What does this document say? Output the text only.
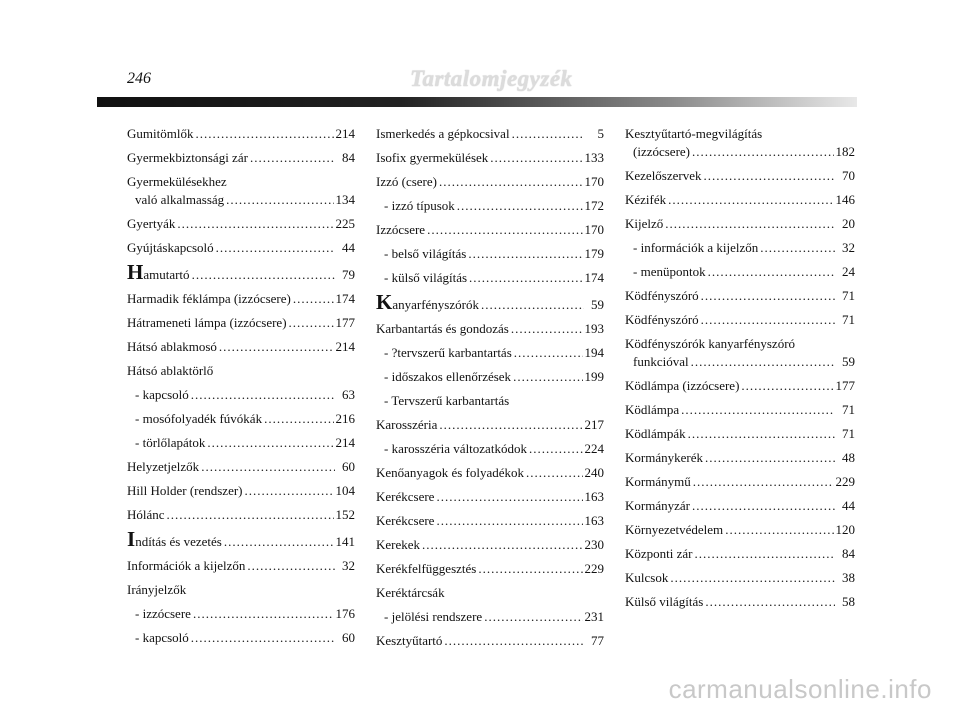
246	Tartalomjegyzék
Gumitömlők .....	214
Gyermekbiztonsági zár .....	84
Gyermekülésekhez
való alkalmasság .....	134
Gyertyák .....	225
Gyújtáskapcsoló .....	44
Hamutartó .....	79
Harmadik féklámpa (izzócsere) .....	174
Hátrameneti lámpa (izzócsere) .....	177
Hátsó ablakmosó .....	214
Hátsó ablaktörlő
- kapcsoló .....	63
- mosófolyadék fúvókák .....	216
- törlőlapátok .....	214
Helyzetjelzők .....	60
Hill Holder (rendszer) .....	104
Hólánc .....	152
Indítás és vezetés .....	141
Információk a kijelzőn .....	32
Irányjelzők
- izzócsere .....	176
- kapcsoló .....	60
Ismerkedés a gépkocsival .....	5
Isofix gyermekülések .....	133
Izzó (csere) .....	170
- izzó típusok .....	172
Izzócsere .....	170
- belső világítás .....	179
- külső világítás .....	174
Kanyarfényszórók .....	59
Karbantartás és gondozás .....	193
- ?tervszerű karbantartás .....	194
- időszakos ellenőrzések .....	199
- Tervszerű karbantartás
Karosszéria .....	217
- karosszéria változatkódok .....	224
Kenőanyagok és folyadékok .....	240
Kerékcsere .....	163
Kerékcsere .....	163
Kerekek .....	230
Kerékfelfüggesztés .....	229
Keréktárcsák
- jelölési rendszere .....	231
Kesztyűtartó .....	77
Kesztyűtartó-megvilágítás
(izzócsere) .....	182
Kezelőszervek .....	70
Kézifék .....	146
Kijelző .....	20
- információk a kijelzőn .....	32
- menüpontok .....	24
Ködfényszóró .....	71
Ködfényszóró .....	71
Ködfényszórók kanyarfényszóró
funkcióval .....	59
Ködlámpa (izzócsere) .....	177
Ködlámpa .....	71
Ködlámpák .....	71
Kormánykerék .....	48
Kormánymű .....	229
Kormányzár .....	44
Környezetvédelem .....	120
Központi zár .....	84
Kulcsok .....	38
Külső világítás .....	58
carmanualsonline.info
